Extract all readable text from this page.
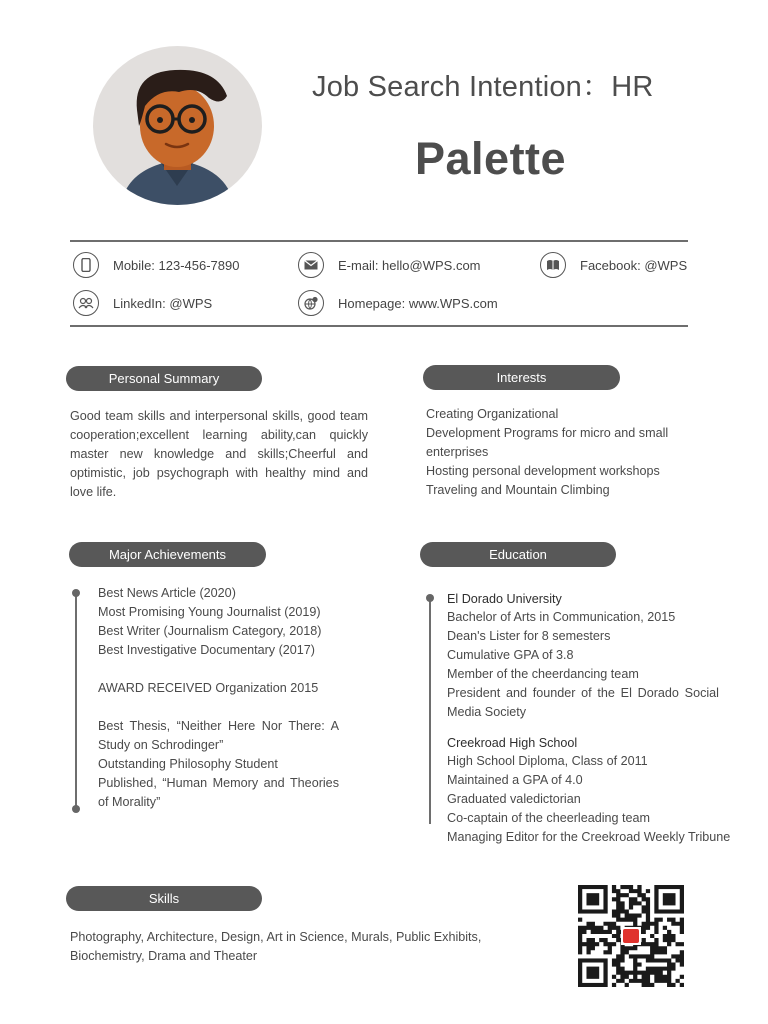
Job Search Intention：HR
Palette
Mobile: 123-456-7890	E-mail: hello@WPS.com	Facebook: @WPS
LinkedIn: @WPS	Homepage: www.WPS.com
Personal Summary
Good team skills and interpersonal skills, good team cooperation;excellent learning ability,can quickly master new knowledge and skills;Cheerful and optimistic, job psychograph with healthy mind and love life.
Interests
Creating Organizational
Development Programs for micro and small enterprises
Hosting personal development workshops
Traveling and Mountain Climbing
Major Achievements
Best News Article (2020)
Most Promising Young Journalist (2019)
Best Writer (Journalism Category, 2018)
Best Investigative Documentary (2017)
AWARD RECEIVED Organization 2015
Best Thesis, “Neither Here Nor There: A Study on Schrodinger”
Outstanding Philosophy Student
Published, “Human Memory and Theories of Morality”
Education
El Dorado University
Bachelor of Arts in Communication, 2015
Dean's Lister for 8 semesters
Cumulative GPA of 3.8
Member of the cheerdancing team
President and founder of the El Dorado Social Media Society
Creekroad High School
High School Diploma, Class of 2011
Maintained a GPA of 4.0
Graduated valedictorian
Co-captain of the cheerleading team
Managing Editor for the Creekroad Weekly Tribune
Skills
Photography, Architecture, Design, Art in Science, Murals, Public Exhibits, Biochemistry, Drama and Theater
